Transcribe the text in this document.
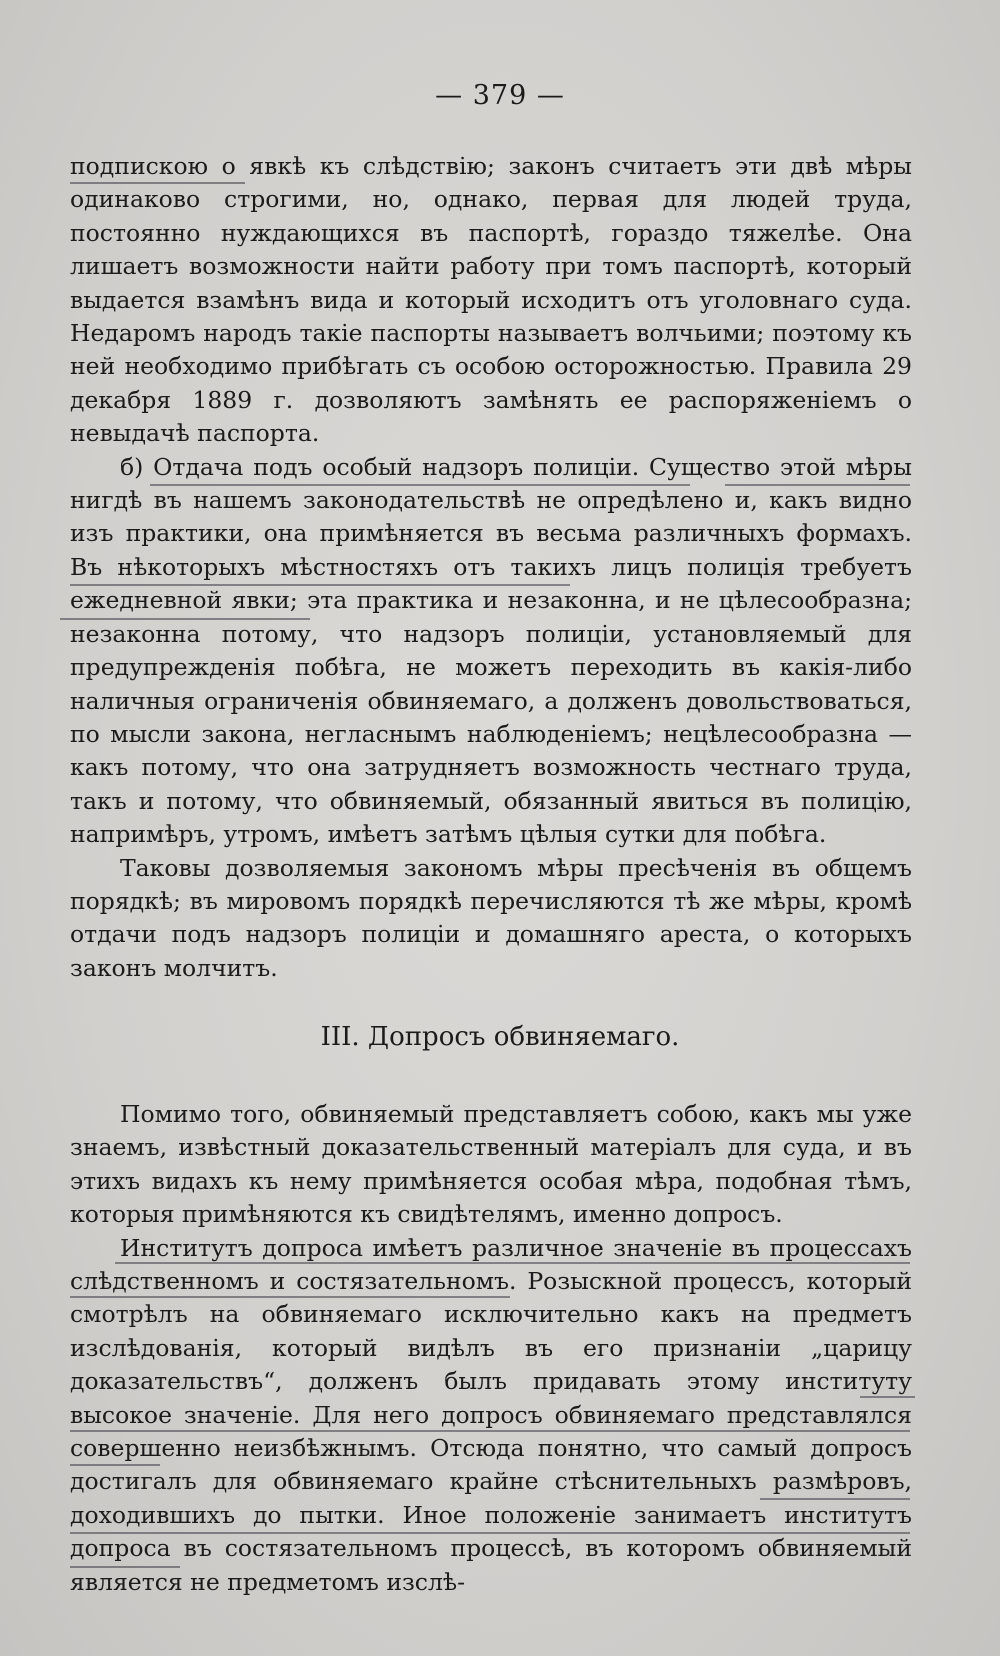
— 379 —

подпискою о явкѣ къ слѣдствію; законъ считаетъ эти двѣ мѣры одинаково строгими, но, однако, первая для людей труда, постоянно нуждающихся въ паспортѣ, гораздо тяжелѣе. Она лишаетъ возможности найти работу при томъ паспортѣ, который выдается взамѣнъ вида и который исходитъ отъ уголовнаго суда. Недаромъ народъ такіе паспорты называетъ волчьими; поэтому къ ней необходимо прибѣгать съ особою осторожностью. Правила 29 декабря 1889 г. дозволяютъ замѣнять ее распоряженіемъ о невыдачѣ паспорта.

б) Отдача подъ особый надзоръ полиціи. Существо этой мѣры нигдѣ въ нашемъ законодательствѣ не опредѣлено и, какъ видно изъ практики, она примѣняется въ весьма различныхъ формахъ. Въ нѣкоторыхъ мѣстностяхъ отъ такихъ лицъ полиція требуетъ ежедневной явки; эта практика и незаконна, и не цѣлесообразна; незаконна потому, что надзоръ полиціи, установляемый для предупрежденія побѣга, не можетъ переходить въ какія-либо наличныя ограниченія обвиняемаго, а долженъ довольствоваться, по мысли закона, негласнымъ наблюденіемъ; нецѣлесообразна — какъ потому, что она затрудняетъ возможность честнаго труда, такъ и потому, что обвиняемый, обязанный явиться въ полицію, напримѣръ, утромъ, имѣетъ затѣмъ цѣлыя сутки для побѣга.

Таковы дозволяемыя закономъ мѣры пресѣченія въ общемъ порядкѣ; въ мировомъ порядкѣ перечисляются тѣ же мѣры, кромѣ отдачи подъ надзоръ полиціи и домашняго ареста, о которыхъ законъ молчитъ.

III. Допросъ обвиняемаго.

Помимо того, обвиняемый представляетъ собою, какъ мы уже знаемъ, извѣстный доказательственный матеріалъ для суда, и въ этихъ видахъ къ нему примѣняется особая мѣра, подобная тѣмъ, которыя примѣняются къ свидѣтелямъ, именно допросъ.

Институтъ допроса имѣетъ различное значеніе въ процессахъ слѣдственномъ и состязательномъ. Розыскной процессъ, который смотрѣлъ на обвиняемаго исключительно какъ на предметъ изслѣдованія, который видѣлъ въ его признаніи „царицу доказательствъ“, долженъ былъ придавать этому институту высокое значеніе. Для него допросъ обвиняемаго представлялся совершенно неизбѣжнымъ. Отсюда понятно, что самый допросъ достигалъ для обвиняемаго крайне стѣснительныхъ размѣровъ, доходившихъ до пытки. Иное положеніе занимаетъ институтъ допроса въ состязательномъ процессѣ, въ которомъ обвиняемый является не предметомъ изслѣ-
